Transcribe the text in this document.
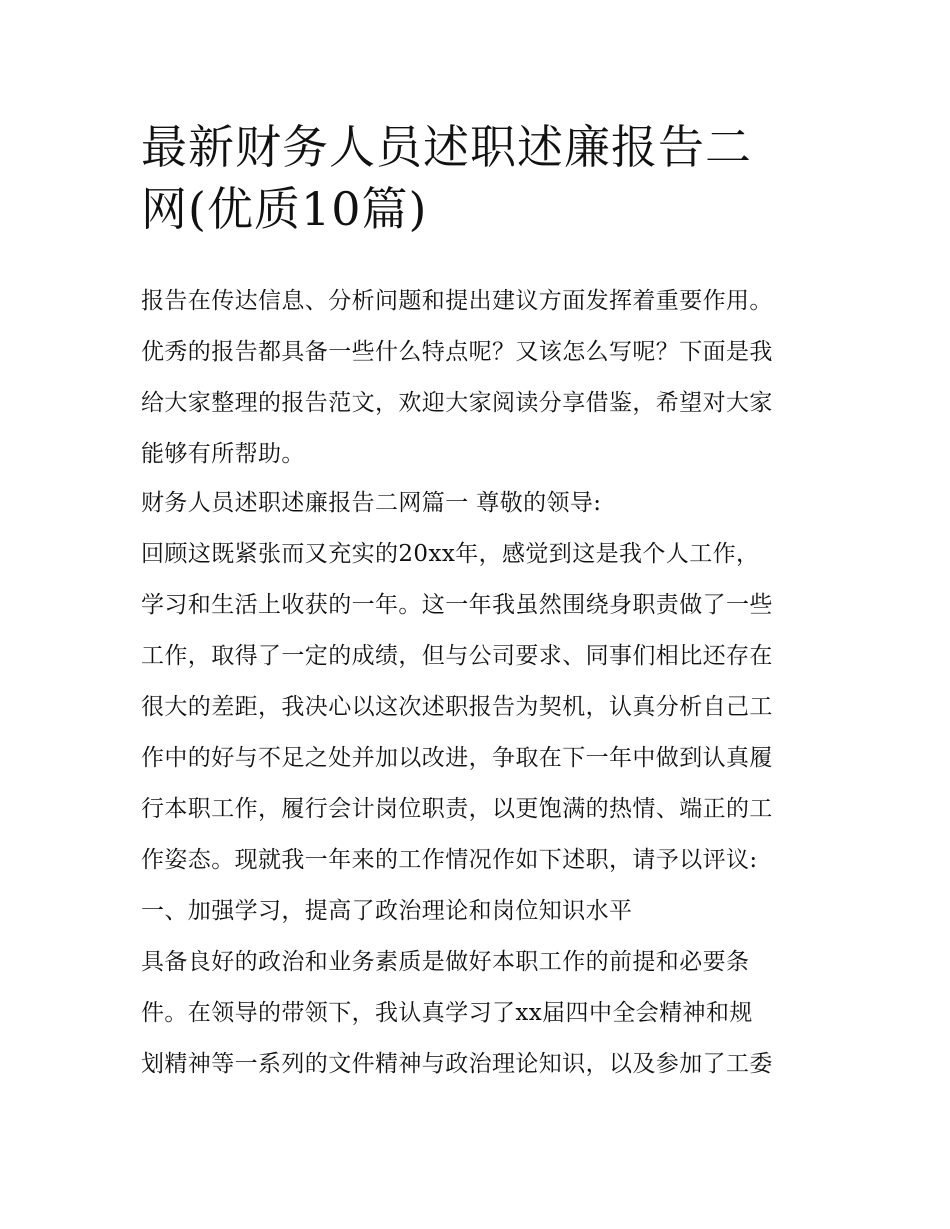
最新财务人员述职述廉报告二
网(优质10篇)
报告在传达信息、分析问题和提出建议方面发挥着重要作用。
优秀的报告都具备一些什么特点呢？又该怎么写呢？下面是我
给大家整理的报告范文，欢迎大家阅读分享借鉴，希望对大家
能够有所帮助。
财务人员述职述廉报告二网篇一 尊敬的领导:
回顾这既紧张而又充实的20xx年，感觉到这是我个人工作，
学习和生活上收获的一年。这一年我虽然围绕身职责做了一些
工作，取得了一定的成绩，但与公司要求、同事们相比还存在
很大的差距，我决心以这次述职报告为契机，认真分析自己工
作中的好与不足之处并加以改进，争取在下一年中做到认真履
行本职工作，履行会计岗位职责，以更饱满的热情、端正的工
作姿态。现就我一年来的工作情况作如下述职，请予以评议:
一、加强学习，提高了政治理论和岗位知识水平
具备良好的政治和业务素质是做好本职工作的前提和必要条
件。在领导的带领下，我认真学习了xx届四中全会精神和规
划精神等一系列的文件精神与政治理论知识，以及参加了工委
